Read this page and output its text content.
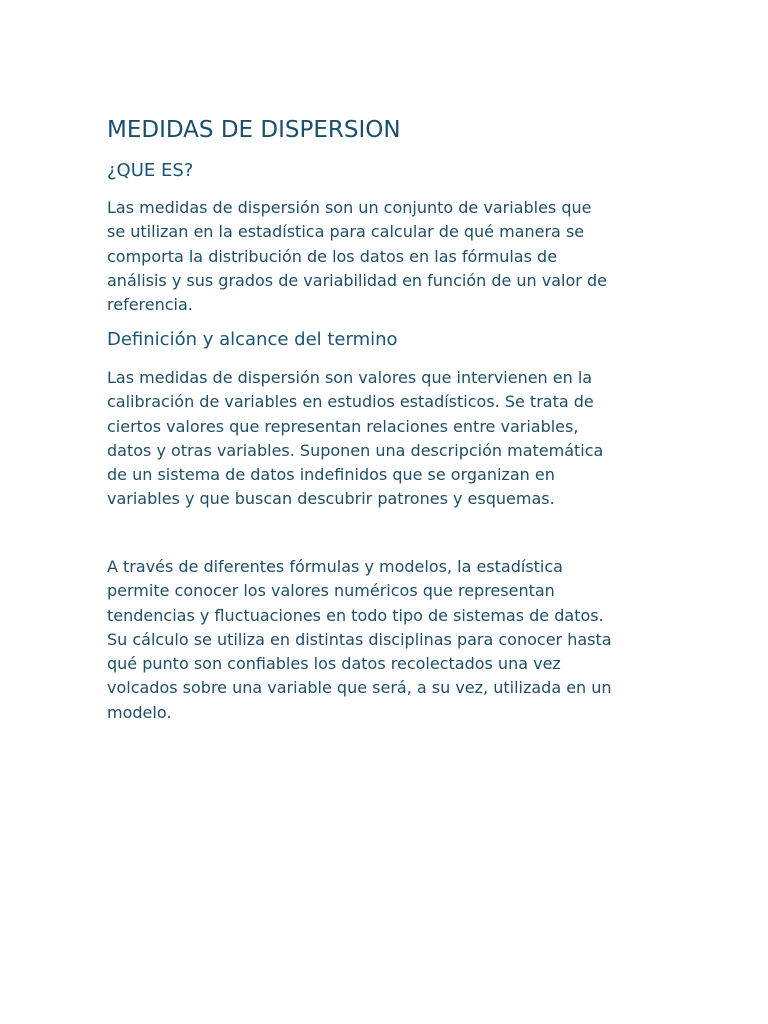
MEDIDAS DE DISPERSION
¿QUE ES?

Las medidas de dispersión son un conjunto de variables que
se utilizan en la estadística para calcular de qué manera se
comporta la distribución de los datos en las fórmulas de
análisis y sus grados de variabilidad en función de un valor de
referencia.

Definición y alcance del termino

Las medidas de dispersión son valores que intervienen en la
calibración de variables en estudios estadísticos. Se trata de
ciertos valores que representan relaciones entre variables,
datos y otras variables. Suponen una descripción matemática
de un sistema de datos indefinidos que se organizan en
variables y que buscan descubrir patrones y esquemas.

A través de diferentes fórmulas y modelos, la estadística
permite conocer los valores numéricos que representan
tendencias y fluctuaciones en todo tipo de sistemas de datos.
Su cálculo se utiliza en distintas disciplinas para conocer hasta
qué punto son confiables los datos recolectados una vez
volcados sobre una variable que será, a su vez, utilizada en un
modelo.
